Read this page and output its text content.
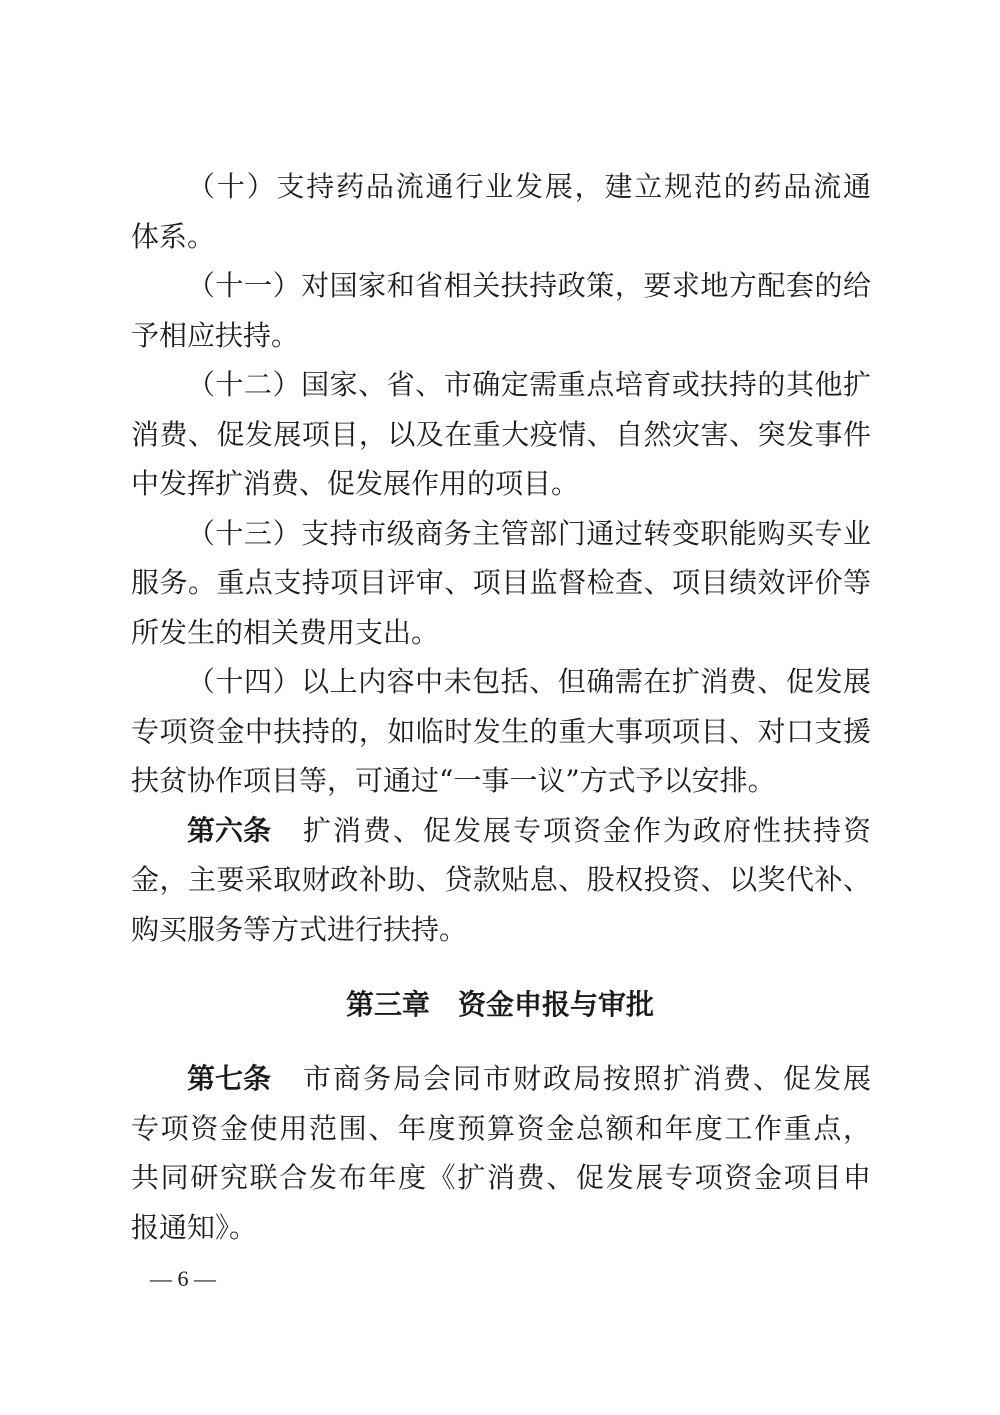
（十）支持药品流通行业发展，建立规范的药品流通
体系。
（十一）对国家和省相关扶持政策，要求地方配套的给
予相应扶持。
（十二）国家、省、市确定需重点培育或扶持的其他扩
消费、促发展项目，以及在重大疫情、自然灾害、突发事件
中发挥扩消费、促发展作用的项目。
（十三）支持市级商务主管部门通过转变职能购买专业
服务。重点支持项目评审、项目监督检查、项目绩效评价等
所发生的相关费用支出。
（十四）以上内容中未包括、但确需在扩消费、促发展
专项资金中扶持的，如临时发生的重大事项项目、对口支援
扶贫协作项目等，可通过“一事一议”方式予以安排。
第六条	扩消费、促发展专项资金作为政府性扶持资
金，主要采取财政补助、贷款贴息、股权投资、以奖代补、
购买服务等方式进行扶持。
第三章　资金申报与审批
第七条	市商务局会同市财政局按照扩消费、促发展
专项资金使用范围、年度预算资金总额和年度工作重点，
共同研究联合发布年度《扩消费、促发展专项资金项目申
报通知》。
— 6 —
